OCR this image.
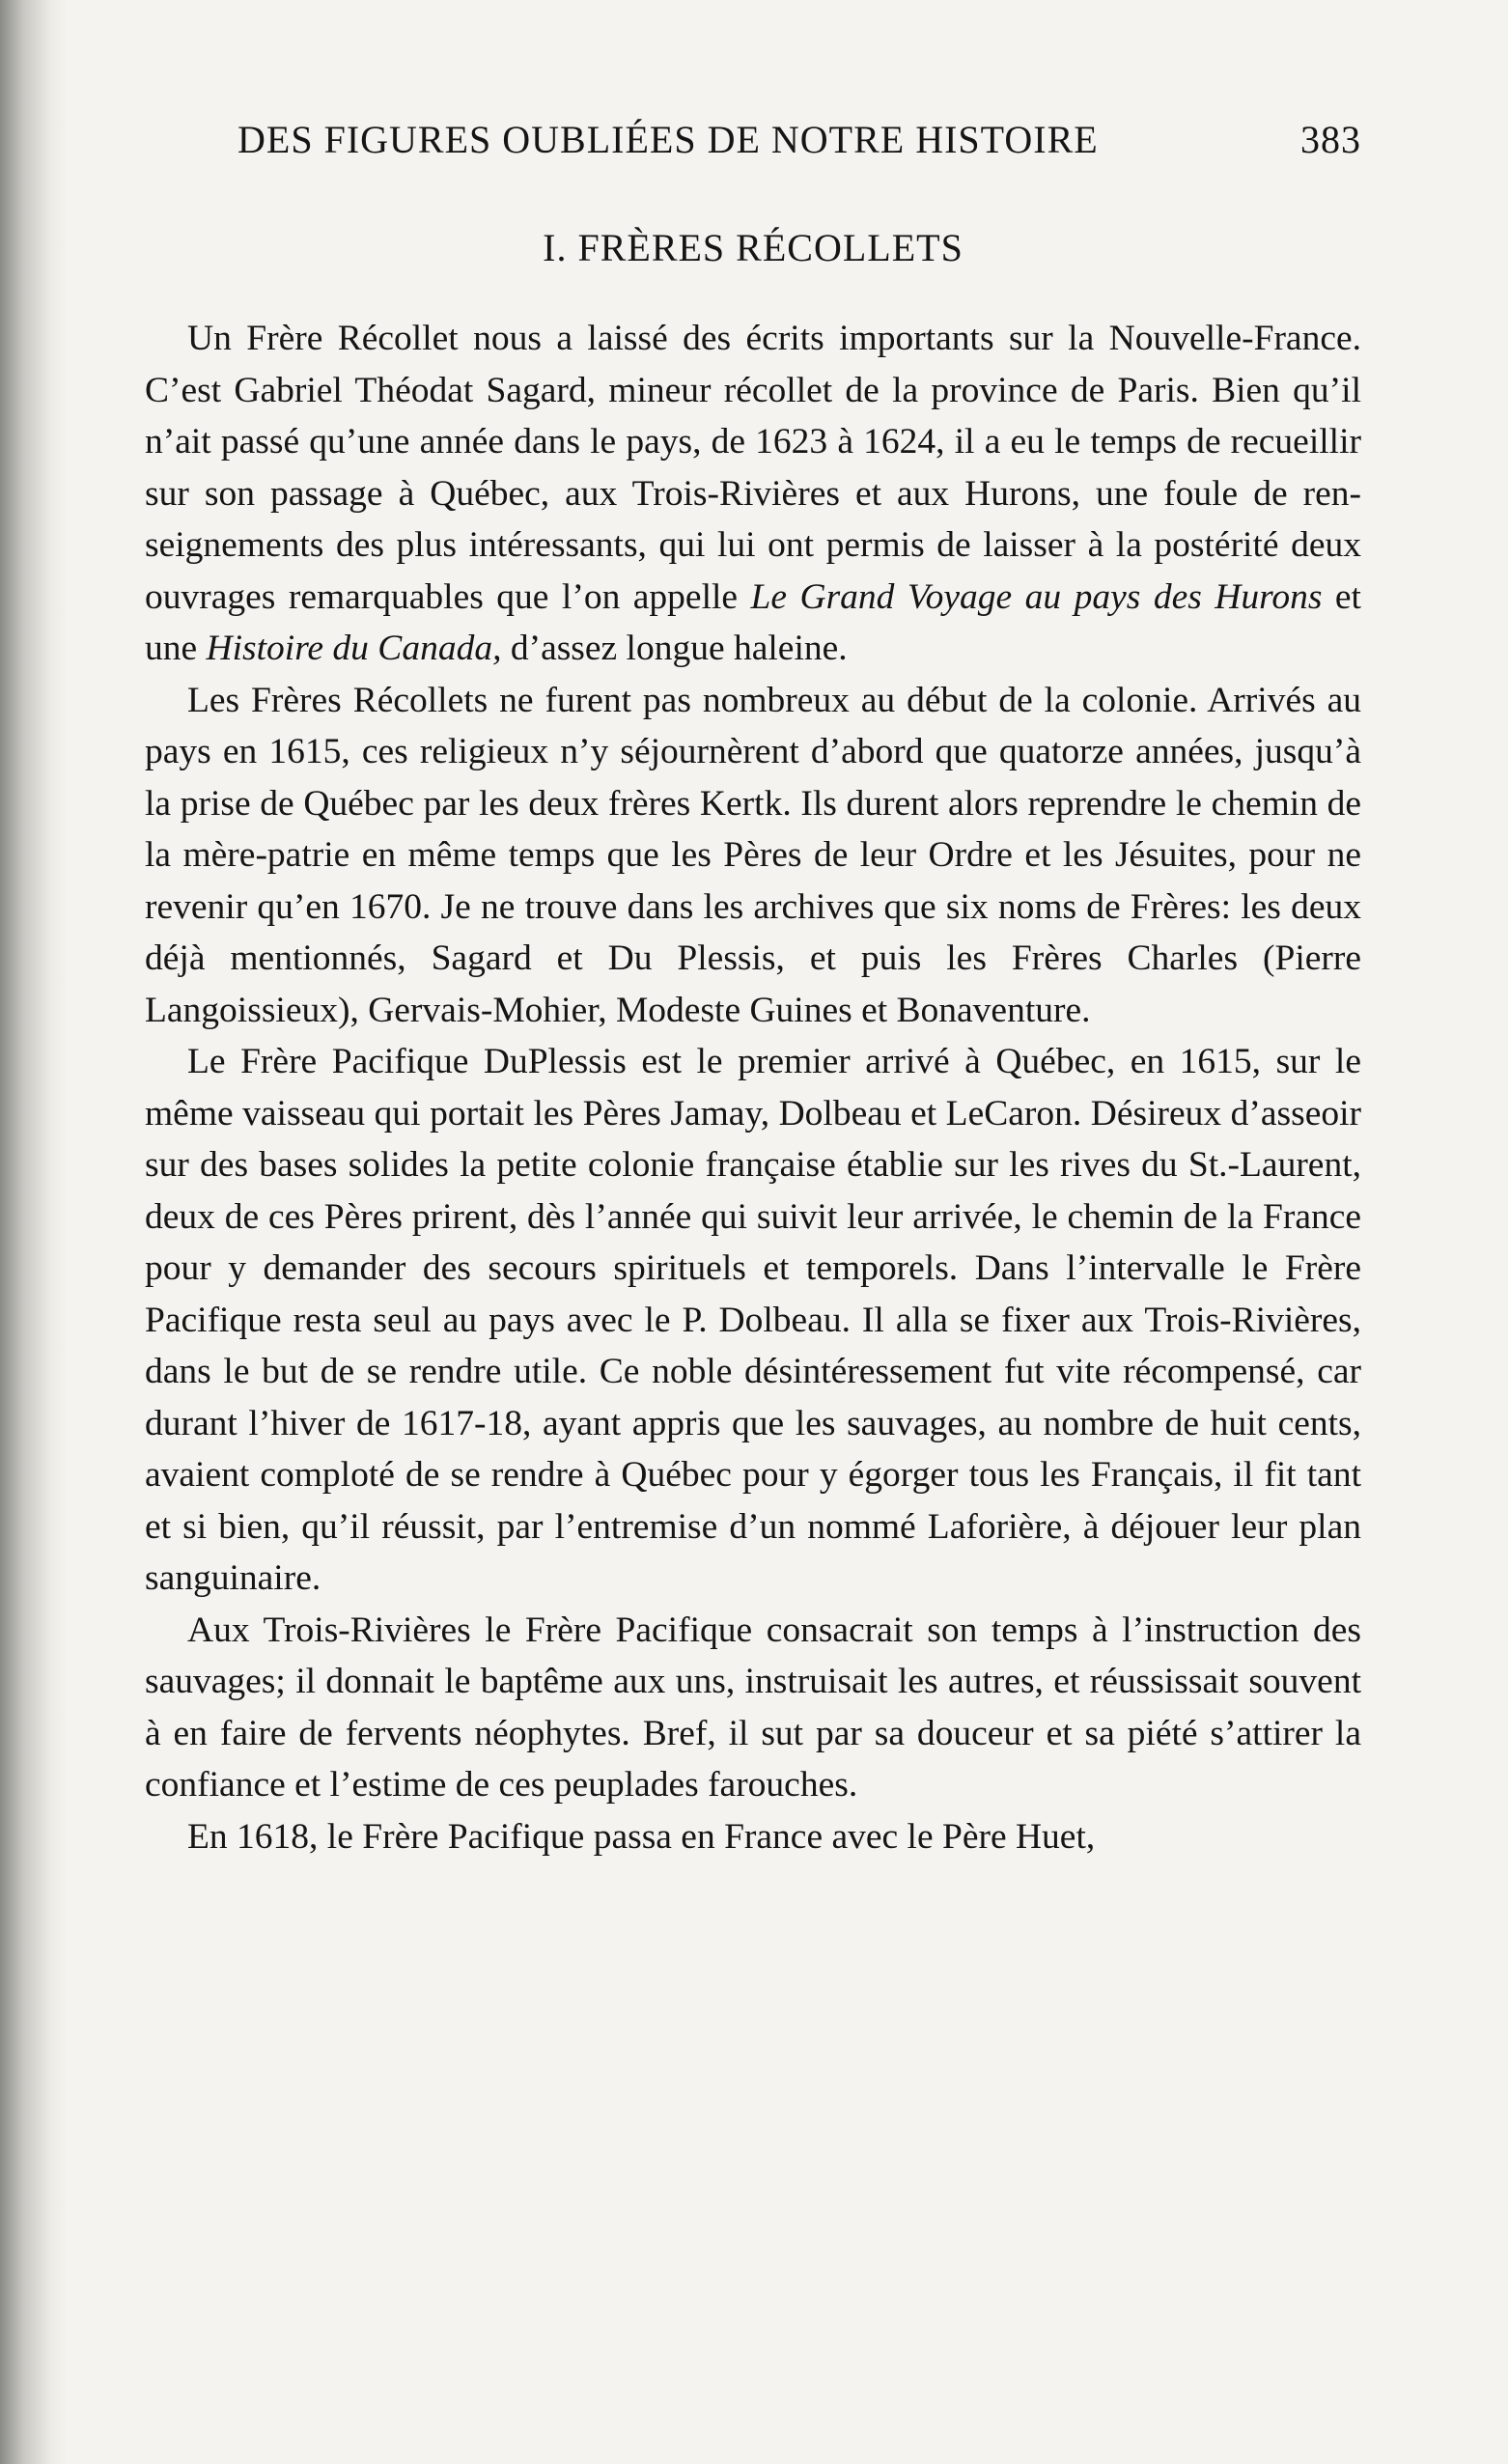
DES FIGURES OUBLIÉES DE NOTRE HISTOIRE	383
I. FRÈRES RÉCOLLETS

Un Frère Récollet nous a laissé des écrits importants sur la Nouvelle-France. C’est Gabriel Théodat Sagard, mineur récollet de la province de Paris. Bien qu’il n’ait passé qu’une année dans le pays, de 1623 à 1624, il a eu le temps de recueillir sur son passage à Québec, aux Trois-Rivières et aux Hurons, une foule de renseignements des plus intéressants, qui lui ont permis de laisser à la postérité deux ouvrages remarquables que l’on appelle Le Grand Voyage au pays des Hurons et une Histoire du Canada, d’assez longue haleine.

Les Frères Récollets ne furent pas nombreux au début de la colonie. Arrivés au pays en 1615, ces religieux n’y séjournèrent d’abord que quatorze années, jusqu’à la prise de Québec par les deux frères Kertk. Ils durent alors reprendre le chemin de la mère-patrie en même temps que les Pères de leur Ordre et les Jésuites, pour ne revenir qu’en 1670. Je ne trouve dans les archives que six noms de Frères: les deux déjà mentionnés, Sagard et Du Plessis, et puis les Frères Charles (Pierre Langoissieux), Gervais-Mohier, Modeste Guines et Bonaventure.

Le Frère Pacifique DuPlessis est le premier arrivé à Québec, en 1615, sur le même vaisseau qui portait les Pères Jamay, Dolbeau et LeCaron. Désireux d’asseoir sur des bases solides la petite colonie française établie sur les rives du St.-Laurent, deux de ces Pères prirent, dès l’année qui suivit leur arrivée, le chemin de la France pour y demander des secours spirituels et temporels. Dans l’intervalle le Frère Pacifique resta seul au pays avec le P. Dolbeau. Il alla se fixer aux Trois-Rivières, dans le but de se rendre utile. Ce noble désintéressement fut vite récompensé, car durant l’hiver de 1617-18, ayant appris que les sauvages, au nombre de huit cents, avaient comploté de se rendre à Québec pour y égorger tous les Français, il fit tant et si bien, qu’il réussit, par l’entremise d’un nommé Laforière, à déjouer leur plan sanguinaire.

Aux Trois-Rivières le Frère Pacifique consacrait son temps à l’instruction des sauvages; il donnait le baptême aux uns, instruisait les autres, et réussissait souvent à en faire de fervents néophytes. Bref, il sut par sa douceur et sa piété s’attirer la confiance et l’estime de ces peuplades farouches.

En 1618, le Frère Pacifique passa en France avec le Père Huet,
